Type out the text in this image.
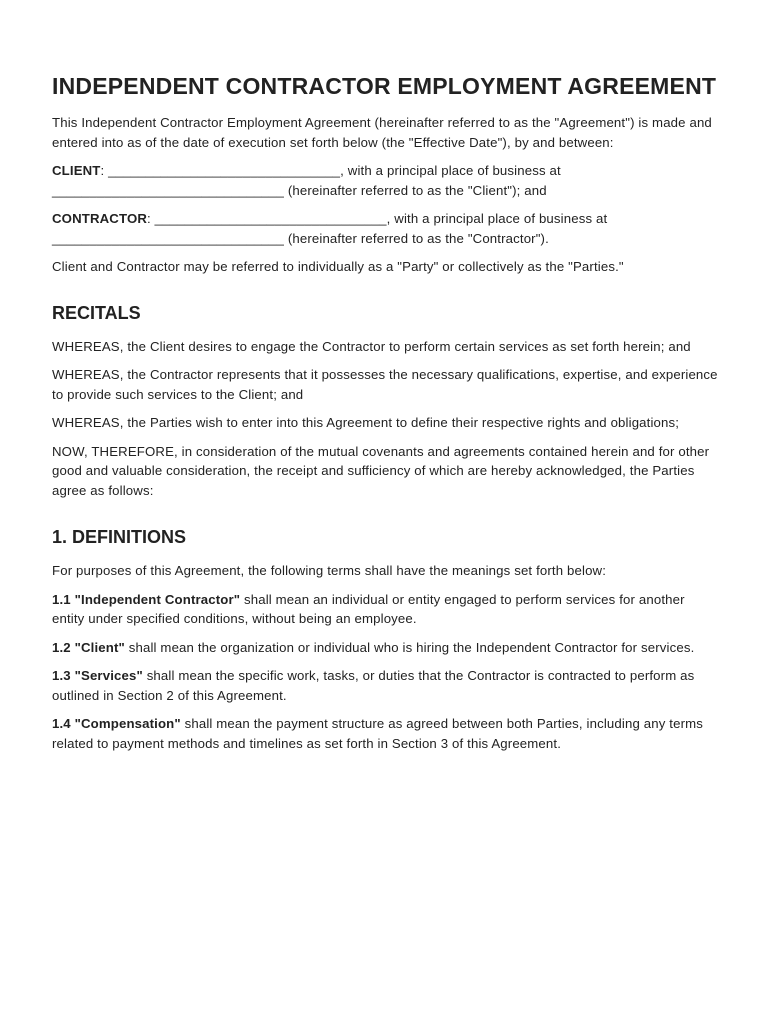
INDEPENDENT CONTRACTOR EMPLOYMENT AGREEMENT

This Independent Contractor Employment Agreement (hereinafter referred to as the "Agreement") is made and entered into as of the date of execution set forth below (the "Effective Date"), by and between:

CLIENT: _______________________________, with a principal place of business at _______________________________ (hereinafter referred to as the "Client"); and

CONTRACTOR: _______________________________, with a principal place of business at _______________________________ (hereinafter referred to as the "Contractor").

Client and Contractor may be referred to individually as a "Party" or collectively as the "Parties."

RECITALS

WHEREAS, the Client desires to engage the Contractor to perform certain services as set forth herein; and

WHEREAS, the Contractor represents that it possesses the necessary qualifications, expertise, and experience to provide such services to the Client; and

WHEREAS, the Parties wish to enter into this Agreement to define their respective rights and obligations;

NOW, THEREFORE, in consideration of the mutual covenants and agreements contained herein and for other good and valuable consideration, the receipt and sufficiency of which are hereby acknowledged, the Parties agree as follows:

1. DEFINITIONS

For purposes of this Agreement, the following terms shall have the meanings set forth below:

1.1 "Independent Contractor" shall mean an individual or entity engaged to perform services for another entity under specified conditions, without being an employee.

1.2 "Client" shall mean the organization or individual who is hiring the Independent Contractor for services.

1.3 "Services" shall mean the specific work, tasks, or duties that the Contractor is contracted to perform as outlined in Section 2 of this Agreement.

1.4 "Compensation" shall mean the payment structure as agreed between both Parties, including any terms related to payment methods and timelines as set forth in Section 3 of this Agreement.
